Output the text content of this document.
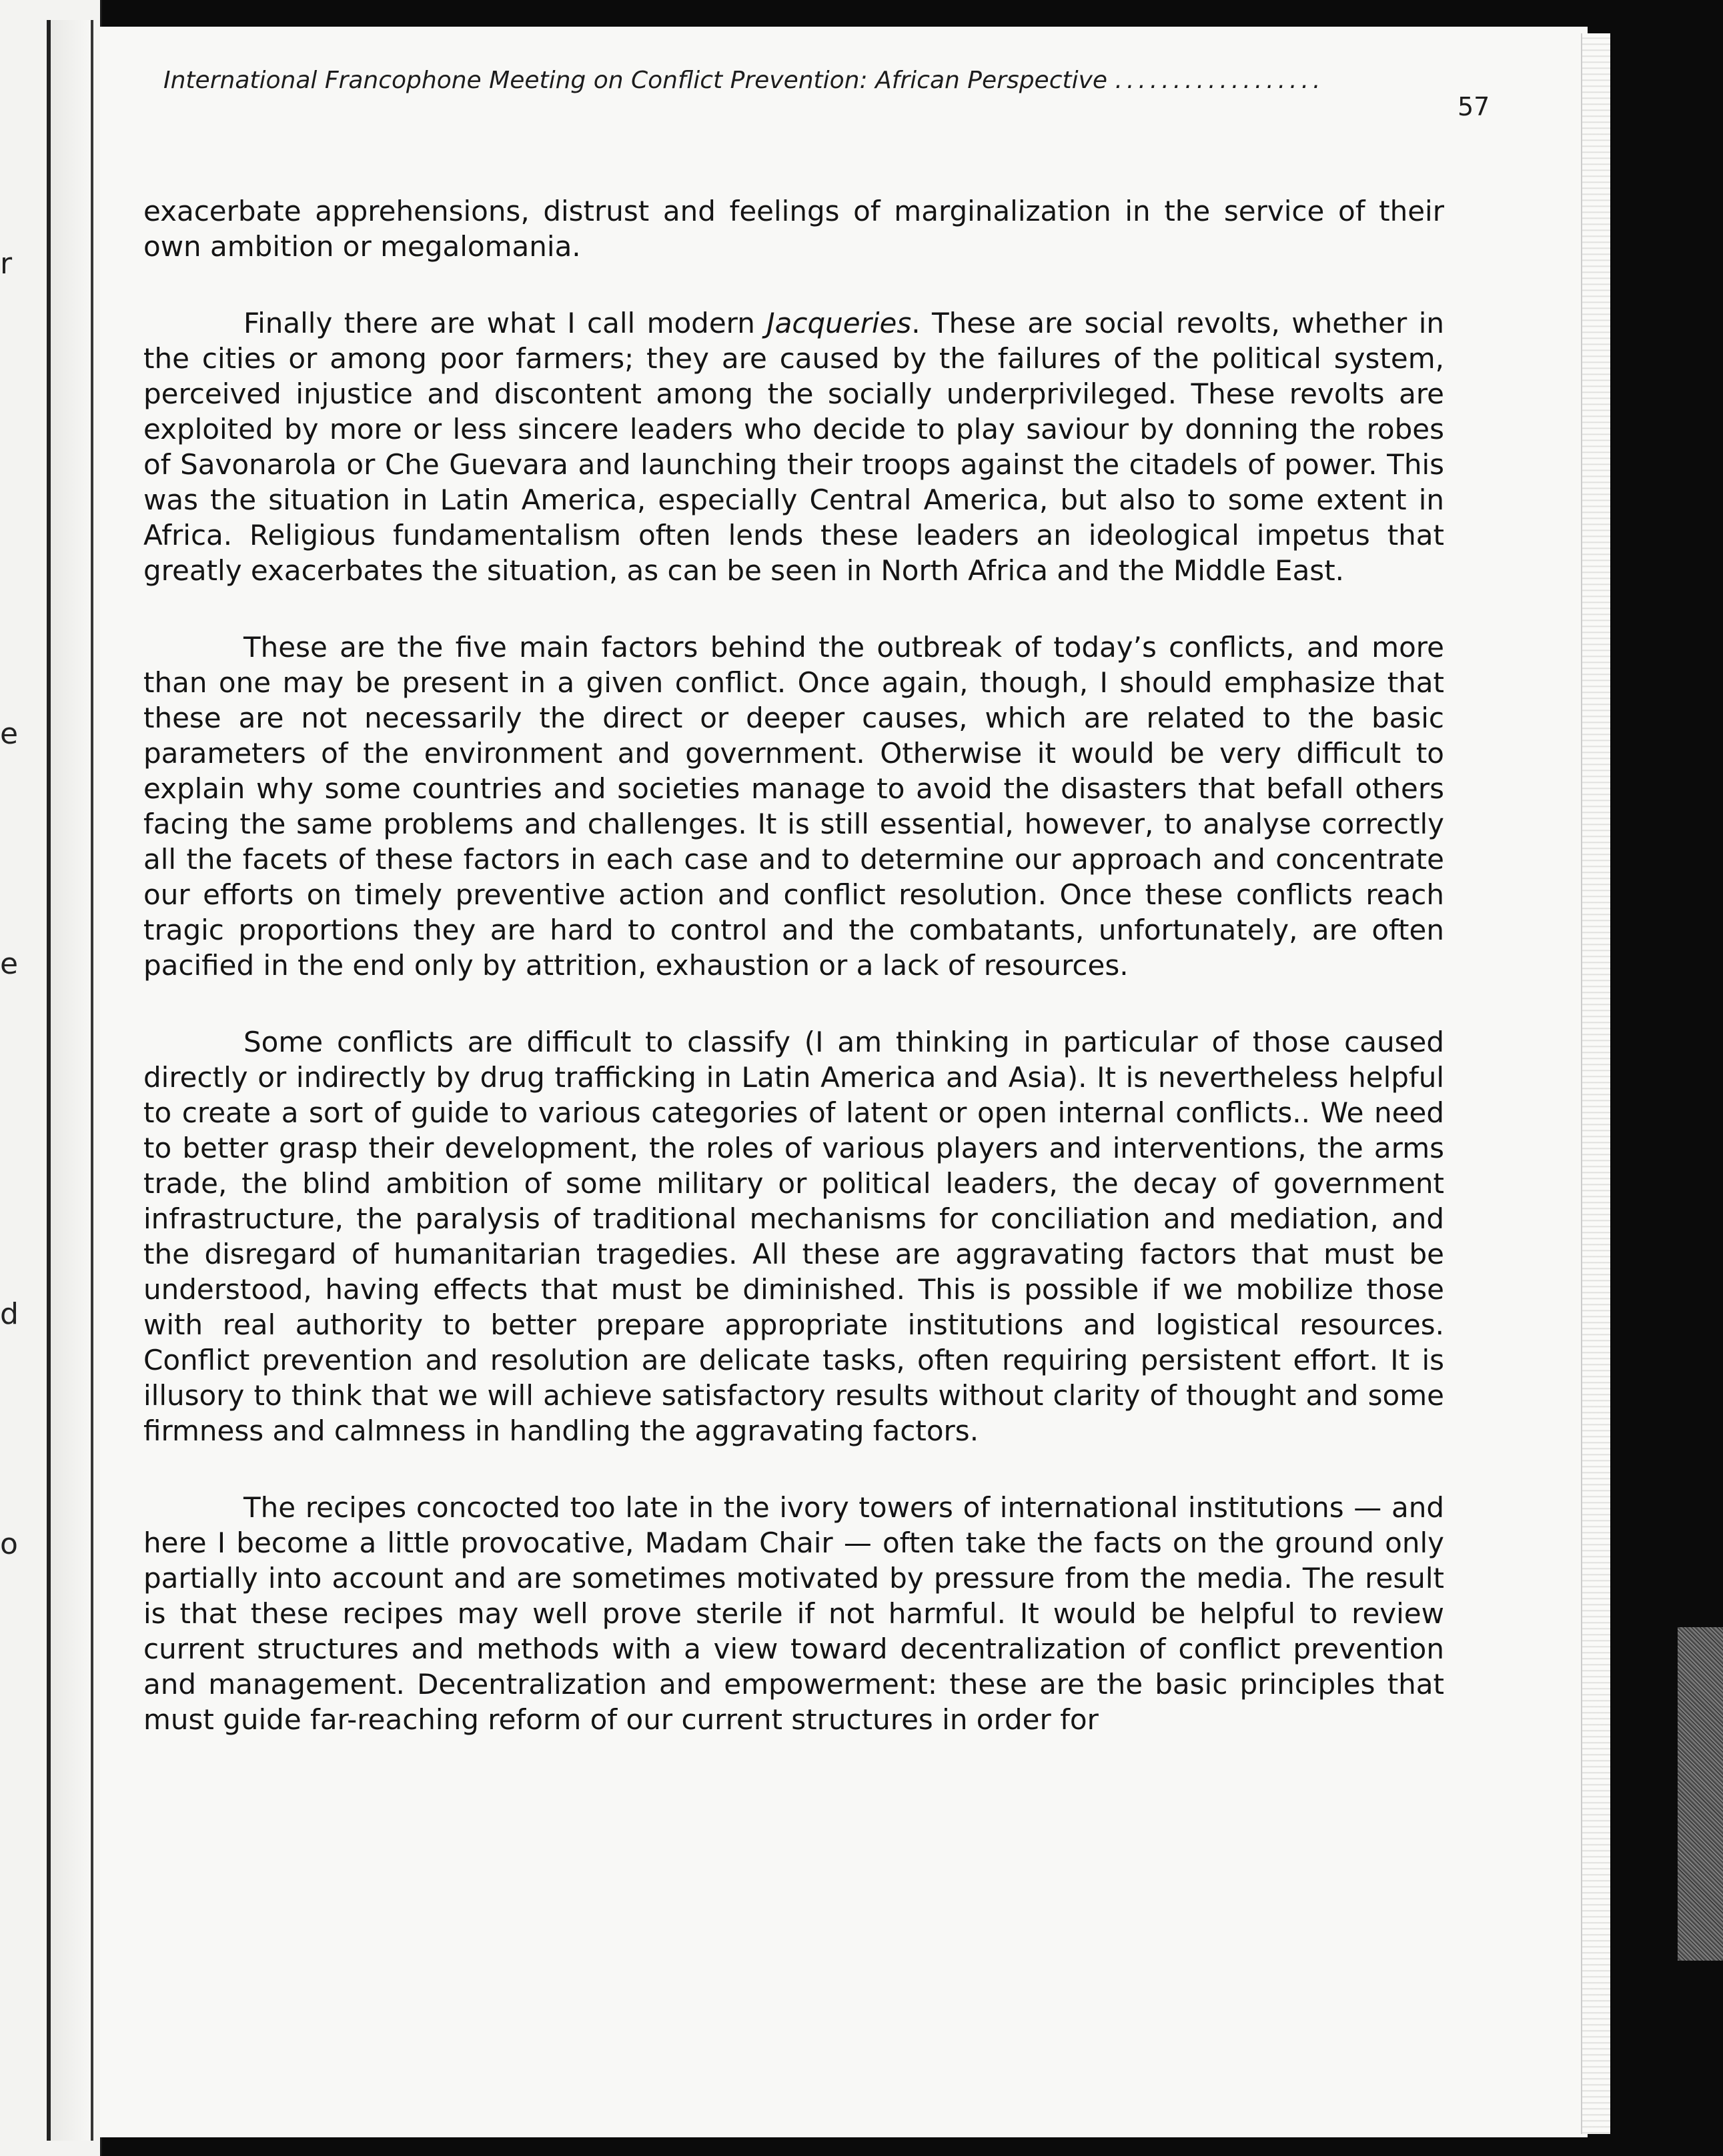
r
e
e
d
o
International Francophone Meeting on Conflict Prevention: African Perspective ..................
57

exacerbate apprehensions, distrust and feelings of marginalization in the service of their own ambition or megalomania.

Finally there are what I call modern Jacqueries. These are social revolts, whether in the cities or among poor farmers; they are caused by the failures of the political system, perceived injustice and discontent among the socially underprivileged. These revolts are exploited by more or less sincere leaders who decide to play saviour by donning the robes of Savonarola or Che Guevara and launching their troops against the citadels of power. This was the situation in Latin America, especially Central America, but also to some extent in Africa. Religious fundamentalism often lends these leaders an ideological impetus that greatly exacerbates the situation, as can be seen in North Africa and the Middle East.

These are the five main factors behind the outbreak of today’s conflicts, and more than one may be present in a given conflict. Once again, though, I should emphasize that these are not necessarily the direct or deeper causes, which are related to the basic parameters of the environment and government. Otherwise it would be very difficult to explain why some countries and societies manage to avoid the disasters that befall others facing the same problems and challenges. It is still essential, however, to analyse correctly all the facets of these factors in each case and to determine our approach and concentrate our efforts on timely preventive action and conflict resolution. Once these conflicts reach tragic proportions they are hard to control and the combatants, unfortunately, are often pacified in the end only by attrition, exhaustion or a lack of resources.

Some conflicts are difficult to classify (I am thinking in particular of those caused directly or indirectly by drug trafficking in Latin America and Asia). It is nevertheless helpful to create a sort of guide to various categories of latent or open internal conflicts.. We need to better grasp their development, the roles of various players and interventions, the arms trade, the blind ambition of some military or political leaders, the decay of government infrastructure, the paralysis of traditional mechanisms for conciliation and mediation, and the disregard of humanitarian tragedies. All these are aggravating factors that must be understood, having effects that must be diminished. This is possible if we mobilize those with real authority to better prepare appropriate institutions and logistical resources. Conflict prevention and resolution are delicate tasks, often requiring persistent effort. It is illusory to think that we will achieve satisfactory results without clarity of thought and some firmness and calmness in handling the aggravating factors.

The recipes concocted too late in the ivory towers of international institutions — and here I become a little provocative, Madam Chair — often take the facts on the ground only partially into account and are sometimes motivated by pressure from the media. The result is that these recipes may well prove sterile if not harmful. It would be helpful to review current structures and methods with a view toward decentralization of conflict prevention and management. Decentralization and empowerment: these are the basic principles that must guide far-reaching reform of our current structures in order for
